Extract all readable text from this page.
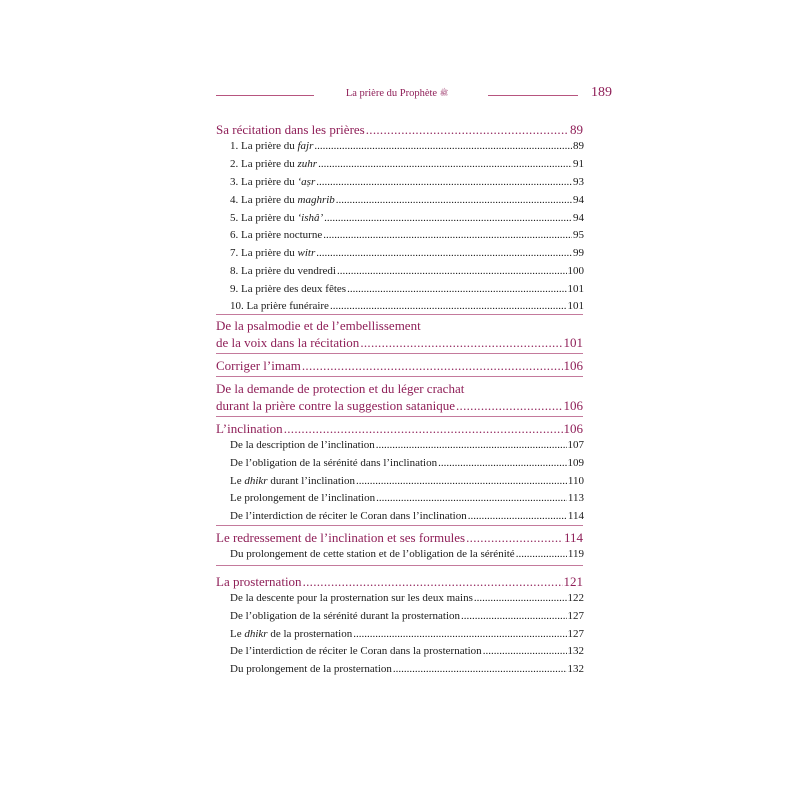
La prière du Prophète ﷺ	189
Sa récitation dans les prières .....	89
1. La prière du fajr .....	89
2. La prière du zuhr .....	91
3. La prière du ‘aṣr .....	93
4. La prière du maghrib .....	94
5. La prière du ‘ishâ’ .....	94
6. La prière nocturne .....	95
7. La prière du witr .....	99
8. La prière du vendredi .....	100
9. La prière des deux fêtes .....	101
10. La prière funéraire .....	101
De la psalmodie et de l’embellissement
de la voix dans la récitation .....	101
Corriger l’imam .....	106
De la demande de protection et du léger crachat
durant la prière contre la suggestion satanique .....	106
L’inclination .....	106
De la description de l’inclination .....	107
De l’obligation de la sérénité dans l’inclination .....	109
Le dhikr durant l’inclination .....	110
Le prolongement de l’inclination .....	113
De l’interdiction de réciter le Coran dans l’inclination .....	114
Le redressement de l’inclination et ses formules .....	114
Du prolongement de cette station et de l’obligation de la sérénité .....	119
La prosternation .....	121
De la descente pour la prosternation sur les deux mains .....	122
De l’obligation de la sérénité durant la prosternation .....	127
Le dhikr de la prosternation .....	127
De l’interdiction de réciter le Coran dans la prosternation .....	132
Du prolongement de la prosternation .....	132
